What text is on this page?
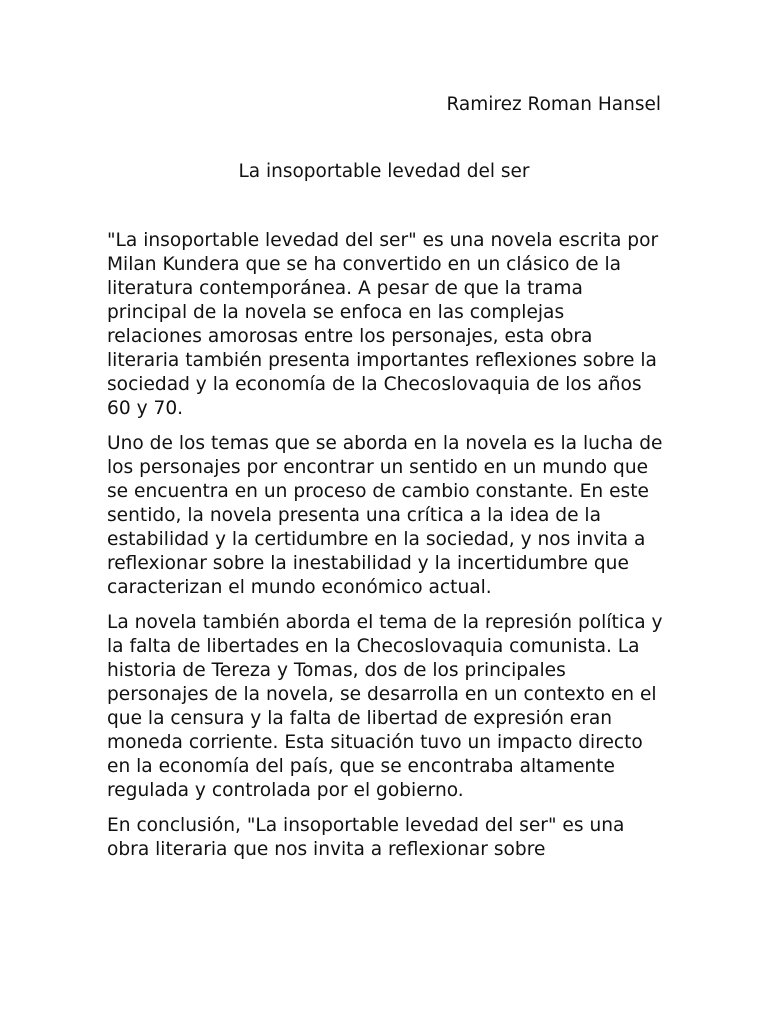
Ramirez Roman Hansel
La insoportable levedad del ser

"La insoportable levedad del ser" es una novela escrita por Milan Kundera que se ha convertido en un clásico de la literatura contemporánea. A pesar de que la trama principal de la novela se enfoca en las complejas relaciones amorosas entre los personajes, esta obra literaria también presenta importantes reflexiones sobre la sociedad y la economía de la Checoslovaquia de los años 60 y 70.

Uno de los temas que se aborda en la novela es la lucha de los personajes por encontrar un sentido en un mundo que se encuentra en un proceso de cambio constante. En este sentido, la novela presenta una crítica a la idea de la estabilidad y la certidumbre en la sociedad, y nos invita a reflexionar sobre la inestabilidad y la incertidumbre que caracterizan el mundo económico actual.

La novela también aborda el tema de la represión política y la falta de libertades en la Checoslovaquia comunista. La historia de Tereza y Tomas, dos de los principales personajes de la novela, se desarrolla en un contexto en el que la censura y la falta de libertad de expresión eran moneda corriente. Esta situación tuvo un impacto directo en la economía del país, que se encontraba altamente regulada y controlada por el gobierno.

En conclusión, "La insoportable levedad del ser" es una obra literaria que nos invita a reflexionar sobre
